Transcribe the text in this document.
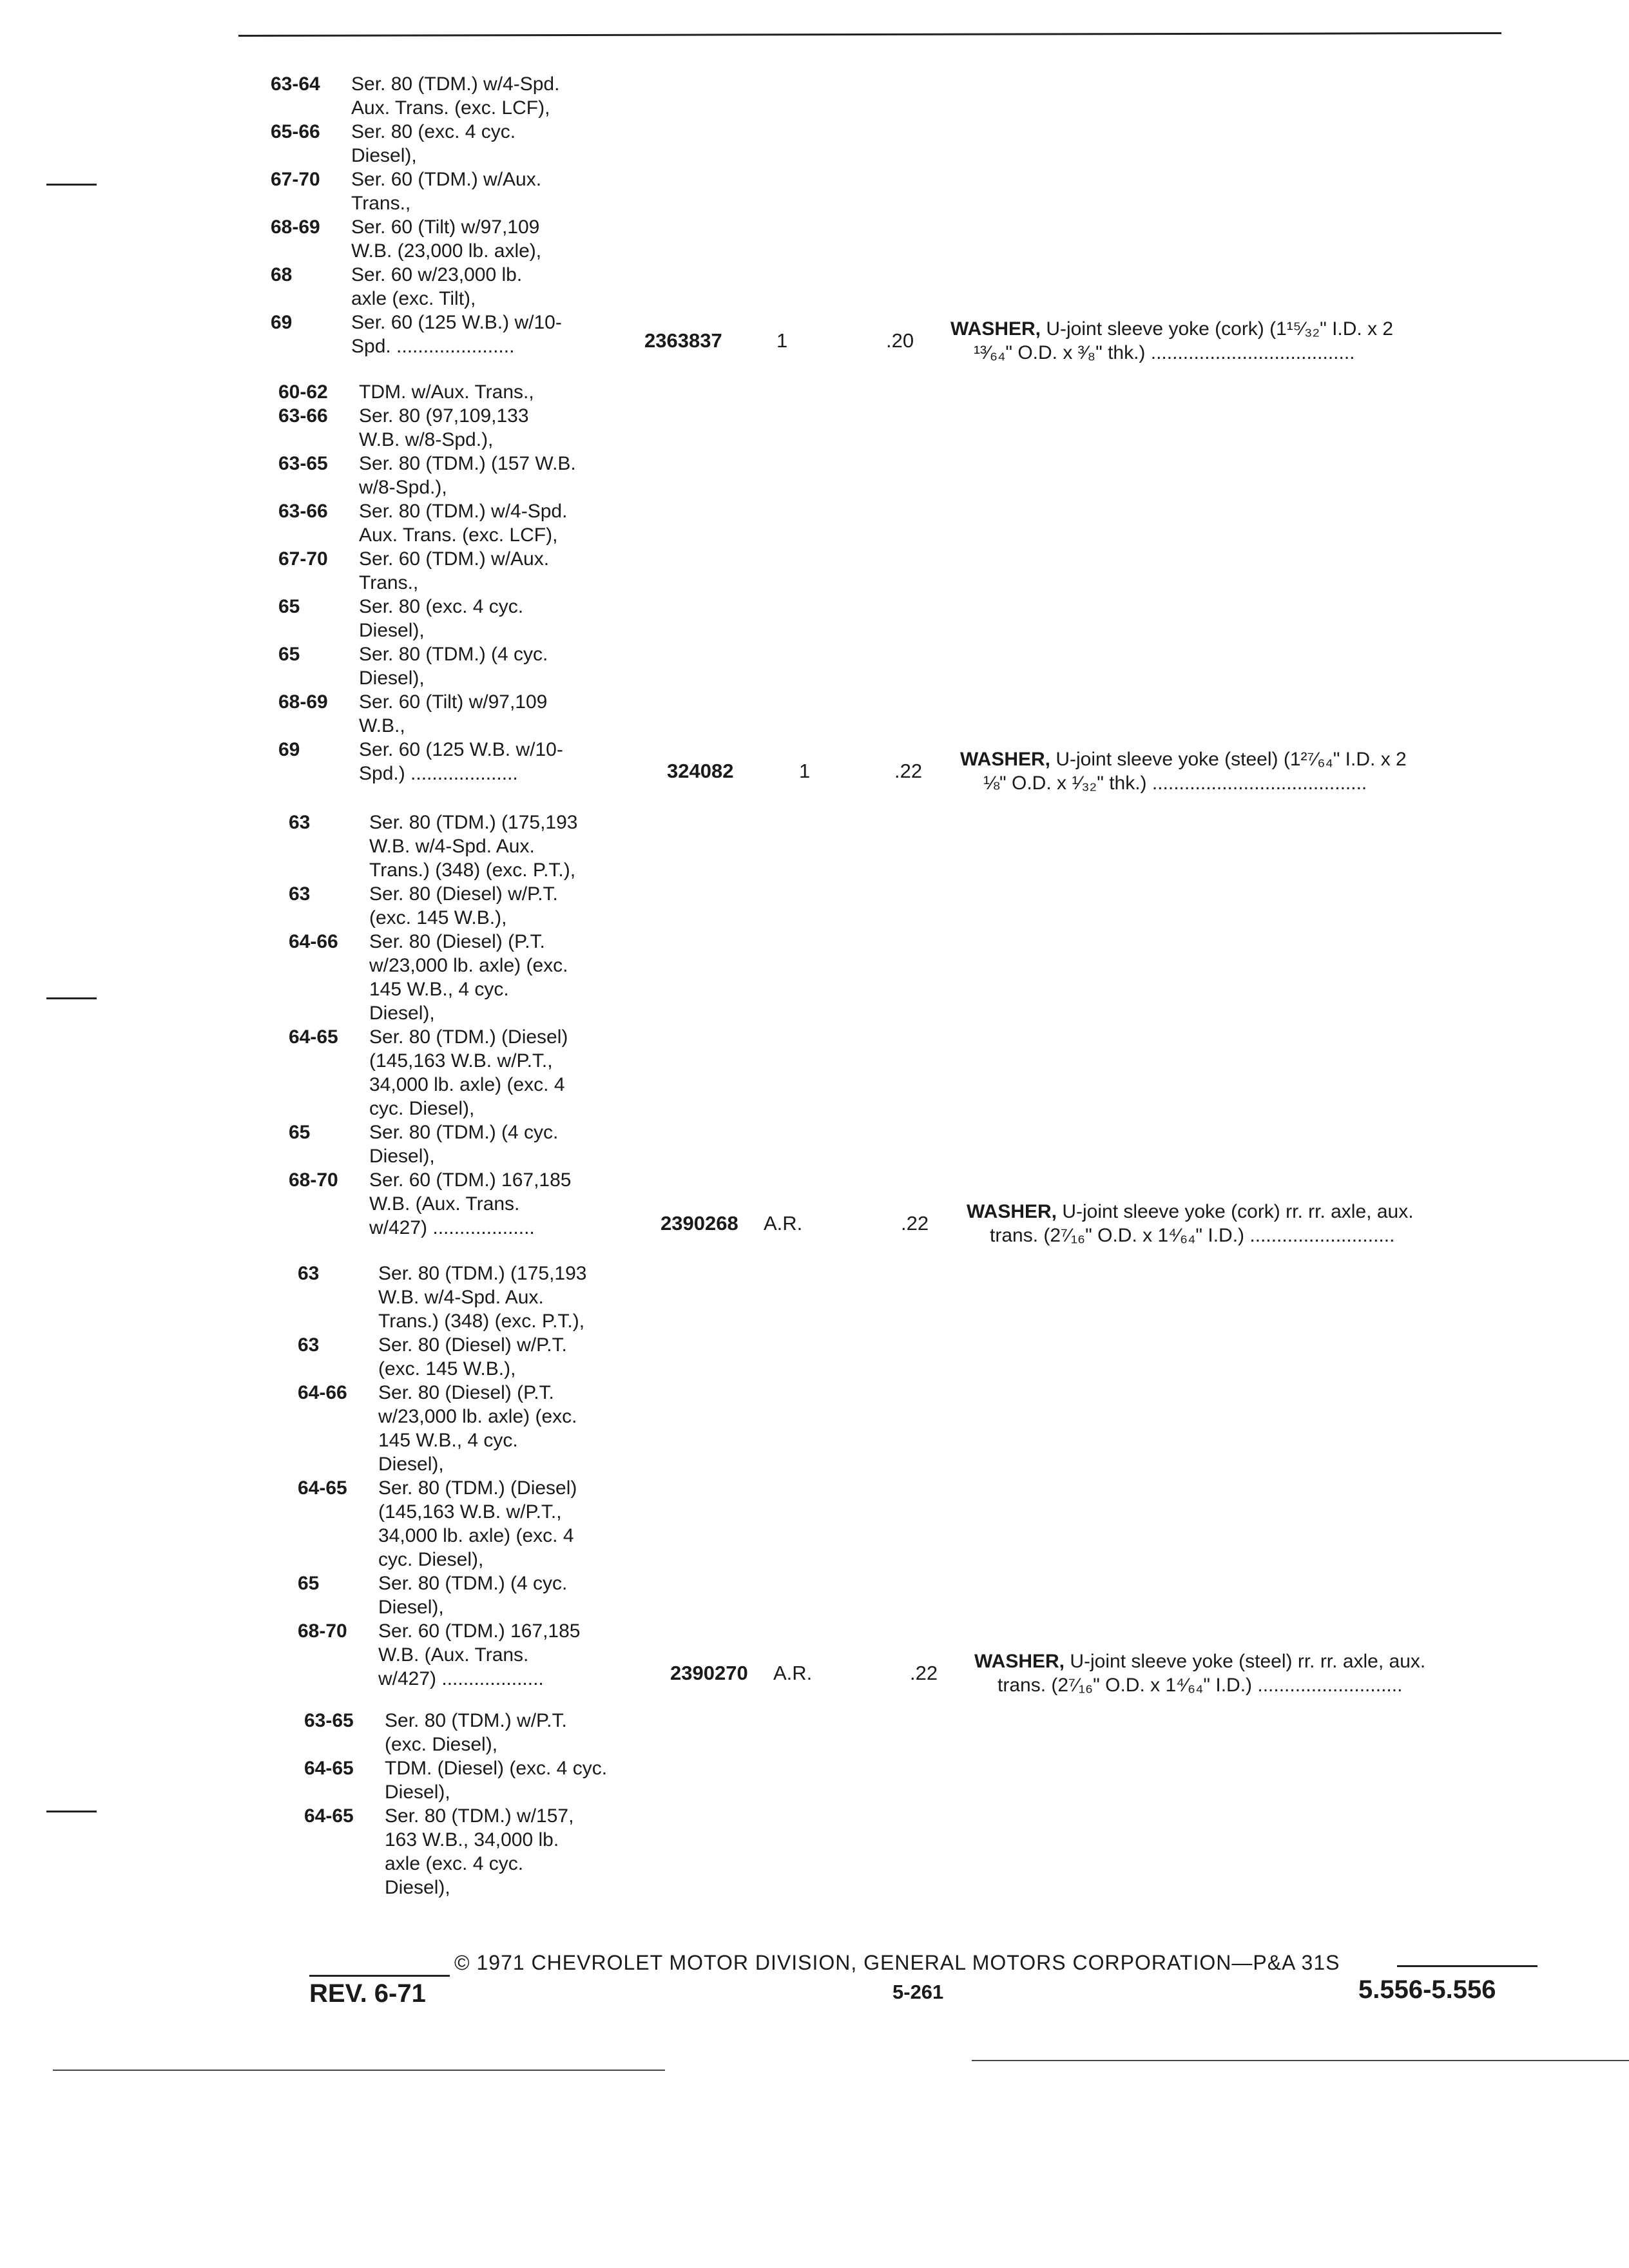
63-64	Ser. 80 (TDM.) w/4-Spd.
Aux. Trans. (exc. LCF),
65-66	Ser. 80 (exc. 4 cyc.
Diesel),
67-70	Ser. 60 (TDM.) w/Aux.
Trans.,
68-69	Ser. 60 (Tilt) w/97,109
W.B. (23,000 lb. axle),
68	Ser. 60 w/23,000 lb.
axle (exc. Tilt),
69	Ser. 60 (125 W.B.) w/10-
Spd. ......................	2363837	1	.20
WASHER, U-joint sleeve yoke (cork) (1¹⁵⁄₃₂" I.D. x 2
¹³⁄₆₄" O.D. x ³⁄₈" thk.) ......................................
60-62	TDM. w/Aux. Trans.,
63-66	Ser. 80 (97,109,133
W.B. w/8-Spd.),
63-65	Ser. 80 (TDM.) (157 W.B.
w/8-Spd.),
63-66	Ser. 80 (TDM.) w/4-Spd.
Aux. Trans. (exc. LCF),
67-70	Ser. 60 (TDM.) w/Aux.
Trans.,
65	Ser. 80 (exc. 4 cyc.
Diesel),
65	Ser. 80 (TDM.) (4 cyc.
Diesel),
68-69	Ser. 60 (Tilt) w/97,109
W.B.,
69	Ser. 60 (125 W.B. w/10-
Spd.) ....................	324082	1	.22
WASHER, U-joint sleeve yoke (steel) (1²⁷⁄₆₄" I.D. x 2
⅛" O.D. x ¹⁄₃₂" thk.) ........................................
63	Ser. 80 (TDM.) (175,193
W.B. w/4-Spd. Aux.
Trans.) (348) (exc. P.T.),
63	Ser. 80 (Diesel) w/P.T.
(exc. 145 W.B.),
64-66	Ser. 80 (Diesel) (P.T.
w/23,000 lb. axle) (exc.
145 W.B., 4 cyc.
Diesel),
64-65	Ser. 80 (TDM.) (Diesel)
(145,163 W.B. w/P.T.,
34,000 lb. axle) (exc. 4
cyc. Diesel),
65	Ser. 80 (TDM.) (4 cyc.
Diesel),
68-70	Ser. 60 (TDM.) 167,185
W.B. (Aux. Trans.
w/427) ...................	2390268	A.R.	.22
WASHER, U-joint sleeve yoke (cork) rr. rr. axle, aux.
trans. (2⁷⁄₁₆" O.D. x 1⁴⁄₆₄" I.D.) ...........................
63	Ser. 80 (TDM.) (175,193
W.B. w/4-Spd. Aux.
Trans.) (348) (exc. P.T.),
63	Ser. 80 (Diesel) w/P.T.
(exc. 145 W.B.),
64-66	Ser. 80 (Diesel) (P.T.
w/23,000 lb. axle) (exc.
145 W.B., 4 cyc.
Diesel),
64-65	Ser. 80 (TDM.) (Diesel)
(145,163 W.B. w/P.T.,
34,000 lb. axle) (exc. 4
cyc. Diesel),
65	Ser. 80 (TDM.) (4 cyc.
Diesel),
68-70	Ser. 60 (TDM.) 167,185
W.B. (Aux. Trans.
w/427) ...................	2390270	A.R.	.22
WASHER, U-joint sleeve yoke (steel) rr. rr. axle, aux.
trans. (2⁷⁄₁₆" O.D. x 1⁴⁄₆₄" I.D.) ...........................
63-65	Ser. 80 (TDM.) w/P.T.
(exc. Diesel),
64-65	TDM. (Diesel) (exc. 4 cyc.
Diesel),
64-65	Ser. 80 (TDM.) w/157,
163 W.B., 34,000 lb.
axle (exc. 4 cyc.
Diesel),
© 1971 CHEVROLET MOTOR DIVISION, GENERAL MOTORS CORPORATION—P&A 31S
REV. 6-71	5-261	5.556-5.556
